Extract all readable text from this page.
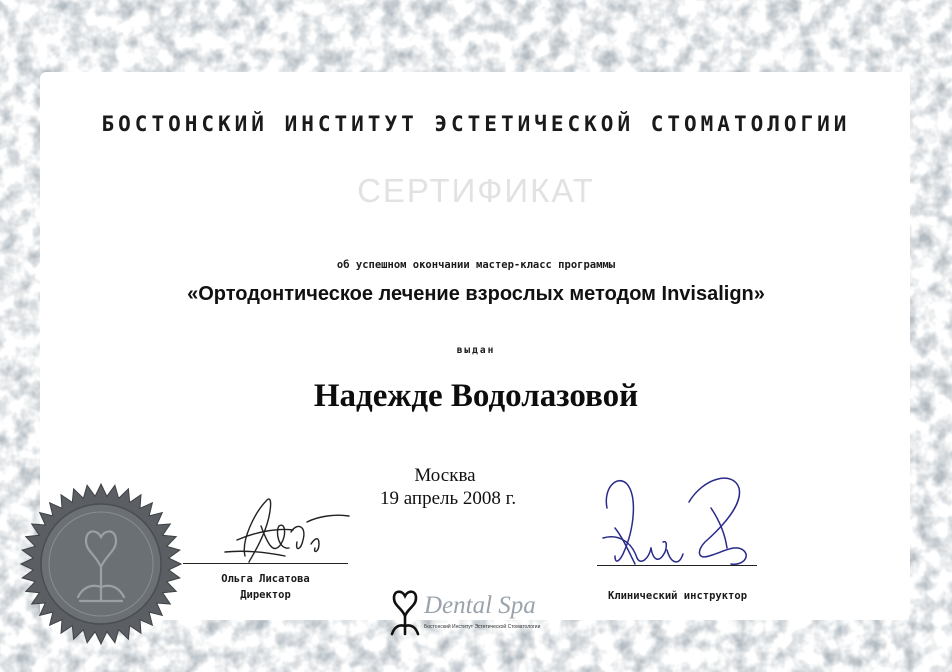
БОСТОНСКИЙ ИНСТИТУТ ЭСТЕТИЧЕСКОЙ СТОМАТОЛОГИИ
СЕРТИФИКАТ
об успешном окончании мастер-класс программы
«Ортодонтическое лечение взрослых методом Invisalign»
выдан
Надежде Водолазовой
Москва
19 апрель 2008 г.
Ольга Лисатова
Директор	Клинический инструктор
Dental Spa
Бостонский Институт Эстетической Стоматологии
